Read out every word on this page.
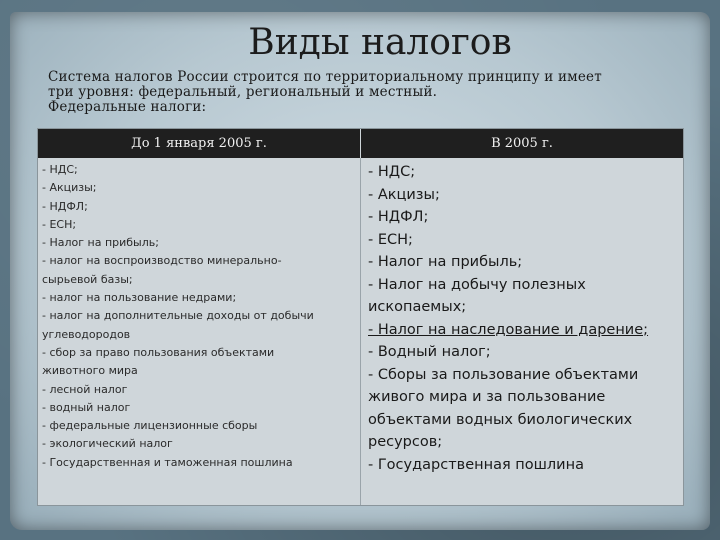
Виды налогов
Система налогов России строится по территориальному принципу и имеет
три уровня: федеральный, региональный и местный.
Федеральные налоги:
До 1 января 2005 г.	В 2005 г.
- НДС;
- Акцизы;
- НДФЛ;
- ЕСН;
- Налог на прибыль;
- налог на воспроизводство минерально-
сырьевой базы;
- налог на пользование недрами;
- налог на дополнительные доходы от добычи
углеводородов
- сбор за право пользования объектами
животного мира
- лесной налог
- водный налог
- федеральные лицензионные сборы
- экологический налог
- Государственная и таможенная пошлина
- НДС;
- Акцизы;
- НДФЛ;
- ЕСН;
- Налог на прибыль;
- Налог на добычу полезных
ископаемых;
- Налог на наследование и дарение;
- Водный налог;
- Сборы за пользование объектами
живого мира и за пользование
объектами водных биологических
ресурсов;
- Государственная пошлина
